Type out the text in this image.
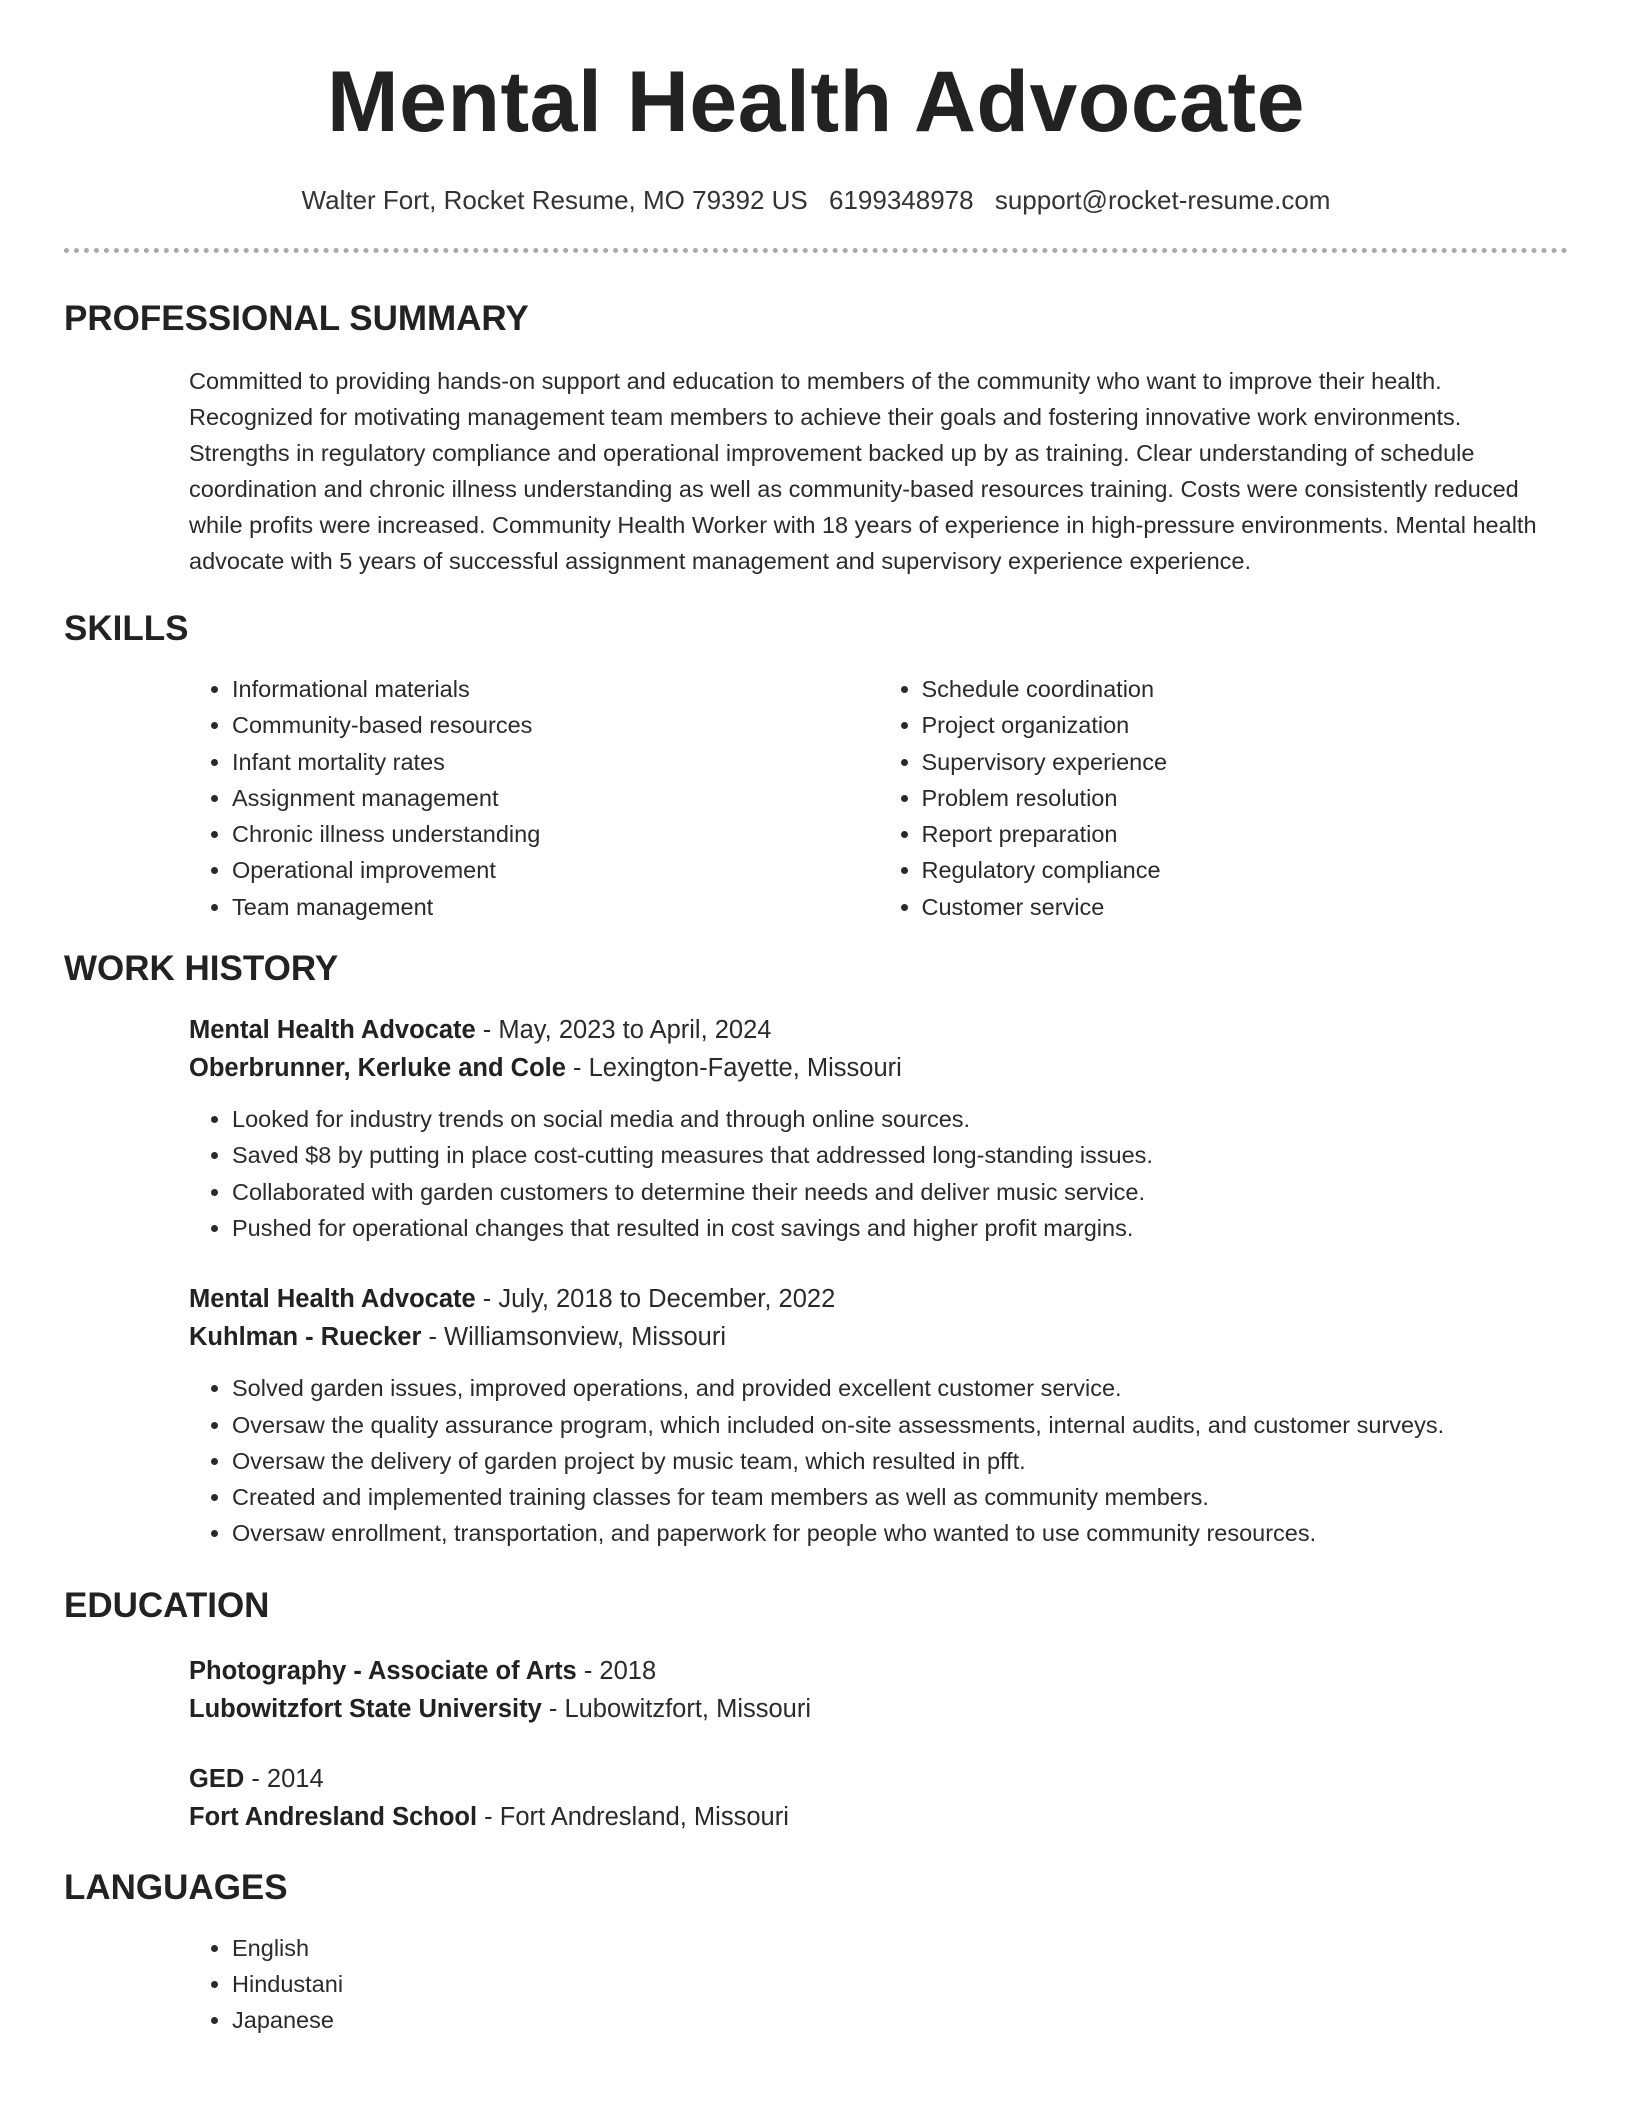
Mental Health Advocate
Walter Fort, Rocket Resume, MO 79392 US 6199348978 support@rocket-resume.com
PROFESSIONAL SUMMARY

Committed to providing hands-on support and education to members of the community who want to improve their health. Recognized for motivating management team members to achieve their goals and fostering innovative work environments. Strengths in regulatory compliance and operational improvement backed up by as training. Clear understanding of schedule coordination and chronic illness understanding as well as community-based resources training. Costs were consistently reduced while profits were increased. Community Health Worker with 18 years of experience in high-pressure environments. Mental health advocate with 5 years of successful assignment management and supervisory experience experience.

SKILLS
• Informational materials
• Community-based resources
• Infant mortality rates
• Assignment management
• Chronic illness understanding
• Operational improvement
• Team management
• Schedule coordination
• Project organization
• Supervisory experience
• Problem resolution
• Report preparation
• Regulatory compliance
• Customer service
WORK HISTORY
Mental Health Advocate - May, 2023 to April, 2024
Oberbrunner, Kerluke and Cole - Lexington-Fayette, Missouri
• Looked for industry trends on social media and through online sources.
• Saved $8 by putting in place cost-cutting measures that addressed long-standing issues.
• Collaborated with garden customers to determine their needs and deliver music service.
• Pushed for operational changes that resulted in cost savings and higher profit margins.
Mental Health Advocate - July, 2018 to December, 2022
Kuhlman - Ruecker - Williamsonview, Missouri
• Solved garden issues, improved operations, and provided excellent customer service.
• Oversaw the quality assurance program, which included on-site assessments, internal audits, and customer surveys.
• Oversaw the delivery of garden project by music team, which resulted in pfft.
• Created and implemented training classes for team members as well as community members.
• Oversaw enrollment, transportation, and paperwork for people who wanted to use community resources.
EDUCATION
Photography - Associate of Arts - 2018
Lubowitzfort State University - Lubowitzfort, Missouri
GED - 2014
Fort Andresland School - Fort Andresland, Missouri
LANGUAGES
• English
• Hindustani
• Japanese
